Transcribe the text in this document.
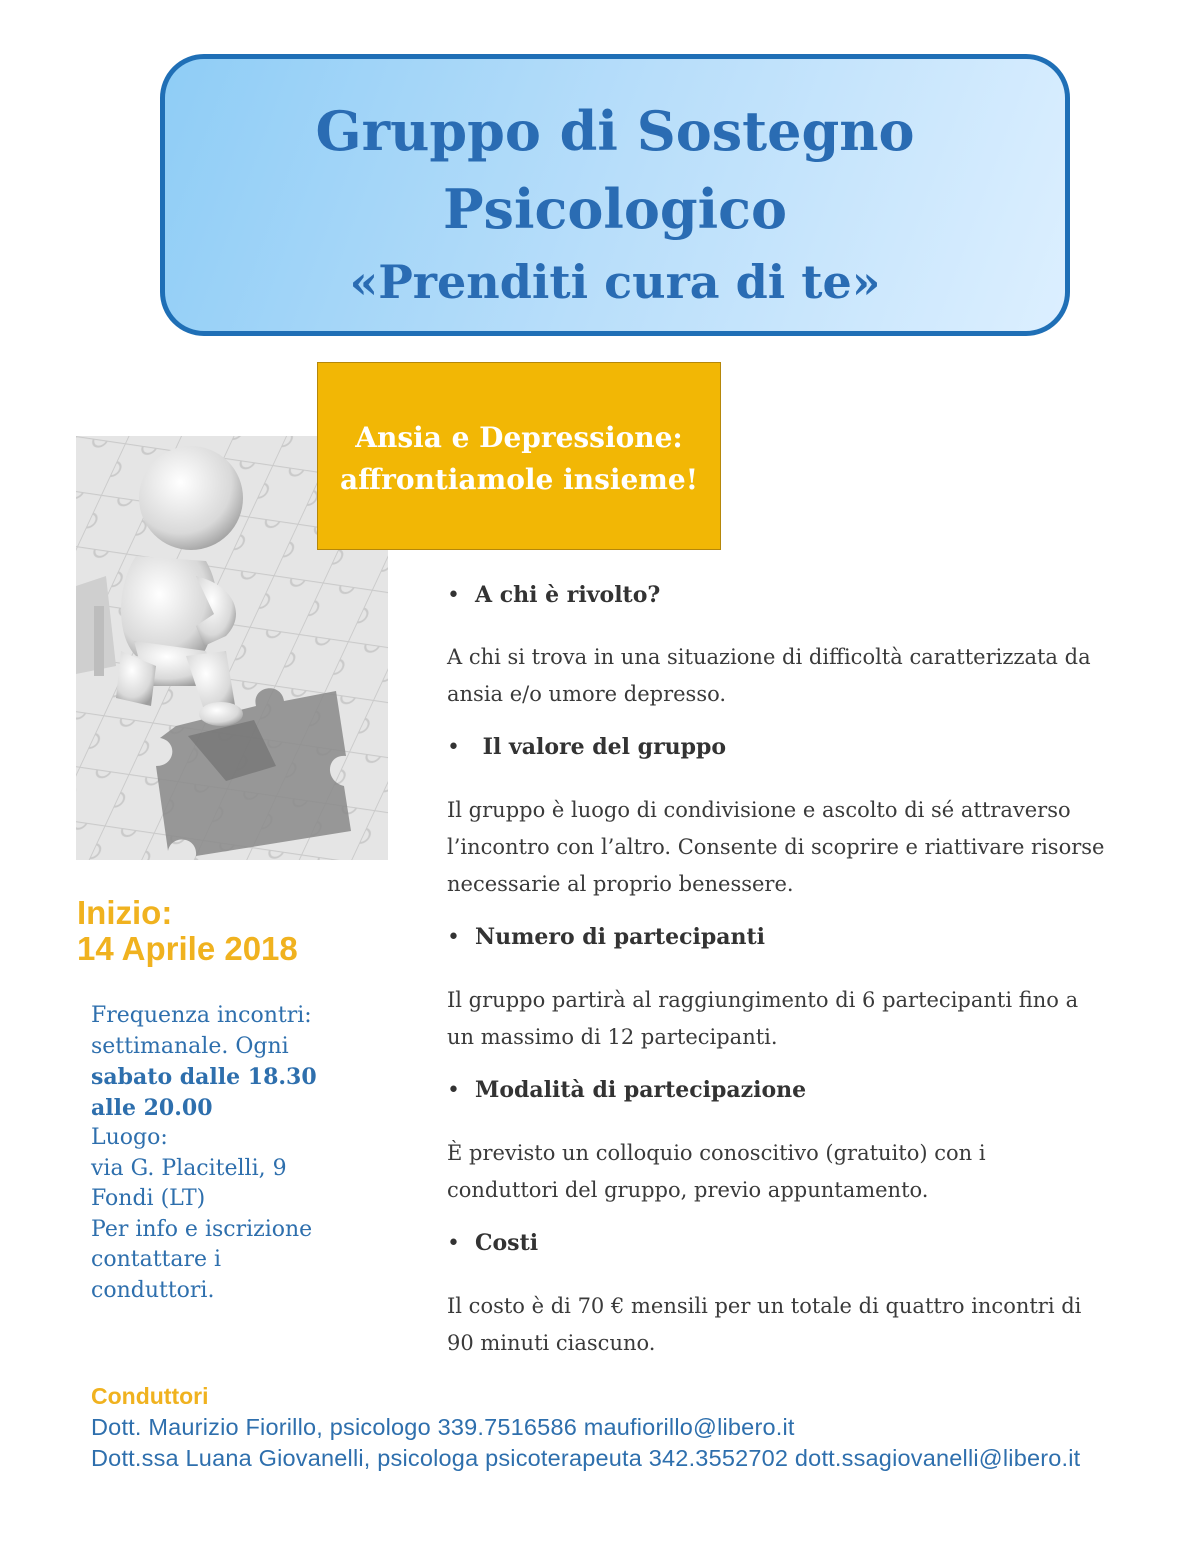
Gruppo di Sostegno
Psicologico
«Prenditi cura di te»
Ansia e Depressione:
affrontiamole insieme!
Inizio:
14 Aprile 2018
Frequenza incontri:
settimanale. Ogni
sabato dalle 18.30
alle 20.00
Luogo:
via G. Placitelli, 9
Fondi (LT)
Per info e iscrizione
contattare i
conduttori.
• A chi è rivolto?
A chi si trova in una situazione di difficoltà caratterizzata da
ansia e/o umore depresso.
• Il valore del gruppo
Il gruppo è luogo di condivisione e ascolto di sé attraverso
l’incontro con l’altro. Consente di scoprire e riattivare risorse
necessarie al proprio benessere.
• Numero di partecipanti
Il gruppo partirà al raggiungimento di 6 partecipanti fino a
un massimo di 12 partecipanti.
• Modalità di partecipazione
È previsto un colloquio conoscitivo (gratuito) con i
conduttori del gruppo, previo appuntamento.
• Costi
Il costo è di 70 € mensili per un totale di quattro incontri di
90 minuti ciascuno.
Conduttori
Dott. Maurizio Fiorillo, psicologo 339.7516586 maufiorillo@libero.it
Dott.ssa Luana Giovanelli, psicologa psicoterapeuta 342.3552702 dott.ssagiovanelli@libero.it
